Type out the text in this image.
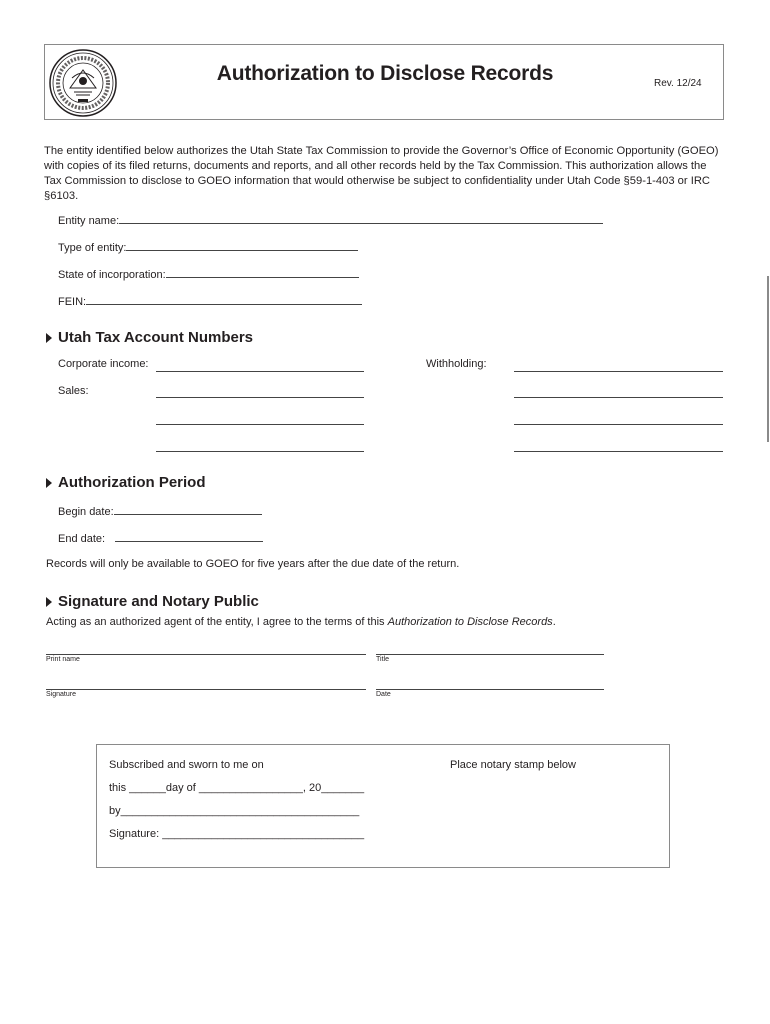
Authorization to Disclose Records	Rev. 12/24
The entity identified below authorizes the Utah State Tax Commission to provide the Governor’s Office of Economic Opportunity (GOEO) with copies of its filed returns, documents and reports, and all other records held by the Tax Commission. This authorization allows the Tax Commission to disclose to GOEO information that would otherwise be subject to confidentiality under Utah Code §59-1-403 or IRC §6103.
Entity name:
Type of entity:
State of incorporation:
FEIN:
Utah Tax Account Numbers
Corporate income:	Withholding:
Sales:
Authorization Period
Begin date:
End date:
Records will only be available to GOEO for five years after the due date of the return.
Signature and Notary Public
Acting as an authorized agent of the entity, I agree to the terms of this Authorization to Disclose Records.
Print name	Title
Signature	Date
Subscribed and sworn to me on	Place notary stamp below
this ______day of _________________, 20_______
by_______________________________________
Signature: _________________________________
